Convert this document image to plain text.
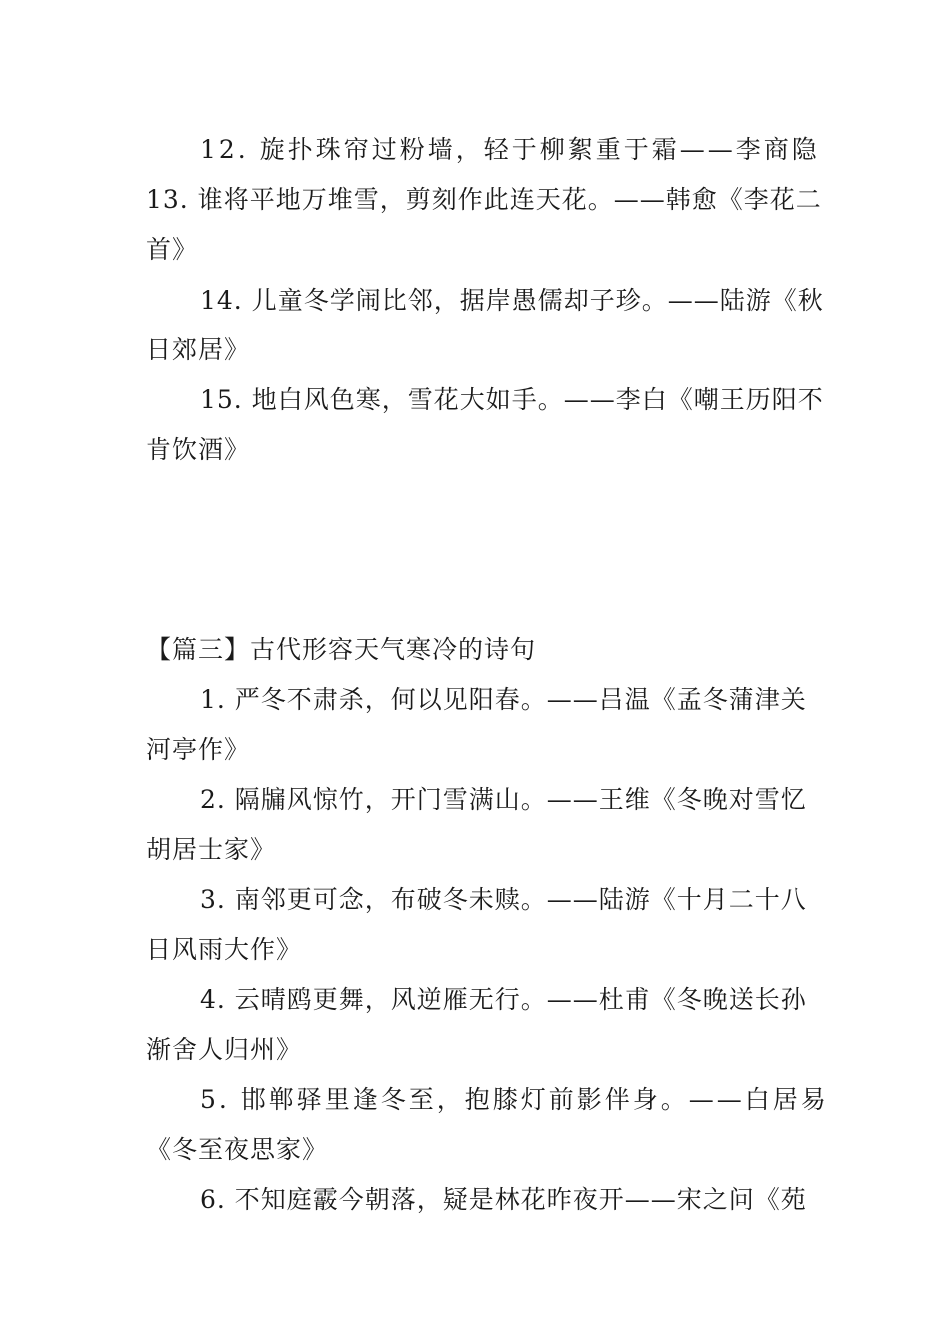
12. 旋扑珠帘过粉墙，轻于柳絮重于霜——李商隐
13. 谁将平地万堆雪，剪刻作此连天花。——韩愈《李花二
首》
14. 儿童冬学闹比邻，据岸愚儒却子珍。——陆游《秋
日郊居》
15. 地白风色寒，雪花大如手。——李白《嘲王历阳不
肯饮酒》
【篇三】古代形容天气寒冷的诗句
1. 严冬不肃杀，何以见阳春。——吕温《孟冬蒲津关
河亭作》
2. 隔牖风惊竹，开门雪满山。——王维《冬晚对雪忆
胡居士家》
3. 南邻更可念，布破冬未赎。——陆游《十月二十八
日风雨大作》
4. 云晴鸥更舞，风逆雁无行。——杜甫《冬晚送长孙
渐舍人归州》
5. 邯郸驿里逢冬至，抱膝灯前影伴身。——白居易
《冬至夜思家》
6. 不知庭霰今朝落，疑是林花昨夜开——宋之问《苑
